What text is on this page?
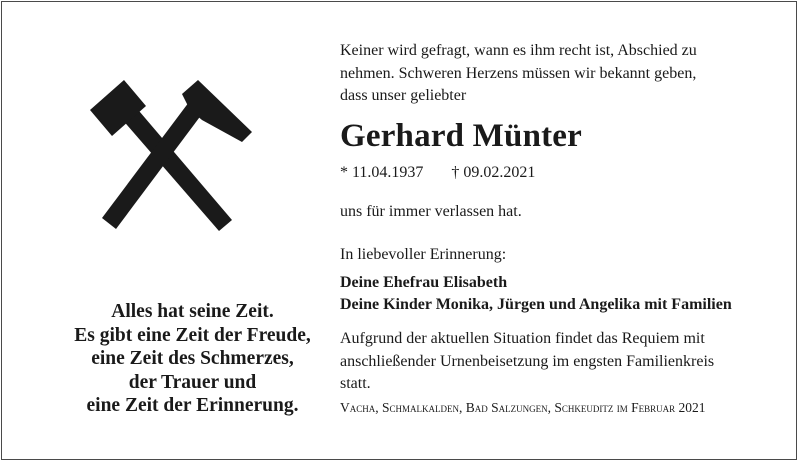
Alles hat seine Zeit.
Es gibt eine Zeit der Freude,
eine Zeit des Schmerzes,
der Trauer und
eine Zeit der Erinnerung.
Keiner wird gefragt, wann es ihm recht ist, Abschied zu
nehmen. Schweren Herzens müssen wir bekannt geben,
dass unser geliebter
Gerhard Münter
* 11.04.1937 † 09.02.2021
uns für immer verlassen hat.
In liebevoller Erinnerung:
Deine Ehefrau Elisabeth
Deine Kinder Monika, Jürgen und Angelika mit Familien
Aufgrund der aktuellen Situation findet das Requiem mit
anschließender Urnenbeisetzung im engsten Familienkreis
statt.
Vacha, Schmalkalden, Bad Salzungen, Schkeuditz im Februar 2021
